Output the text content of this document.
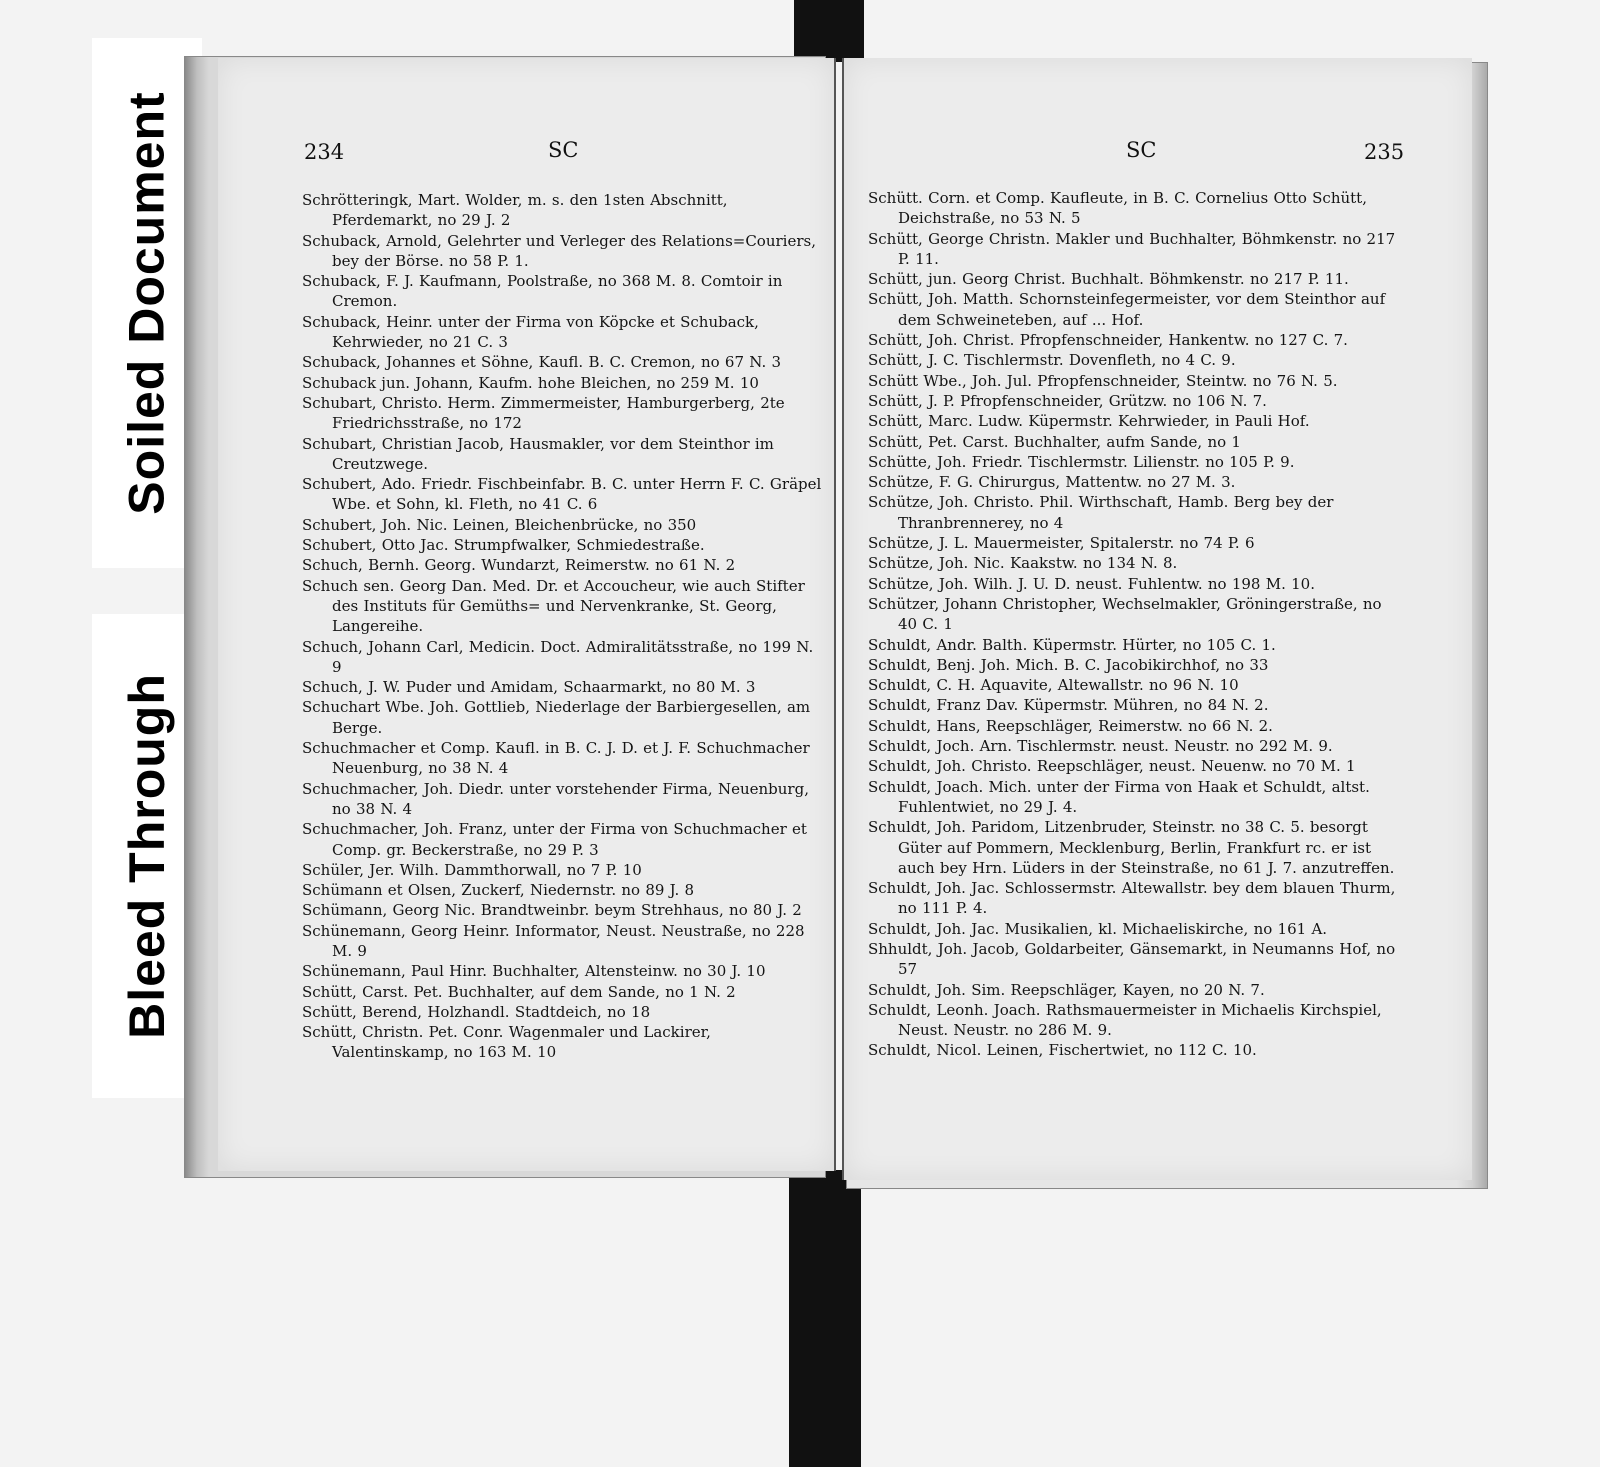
Soiled Document
Bleed Through
234	SC
Schrötteringk, Mart. Wolder, m. s. den 1sten Abschnitt, Pferdemarkt, no 29 J. 2
Schuback, Arnold, Gelehrter und Verleger des Relations=Couriers, bey der Börse. no 58 P. 1.
Schuback, F. J. Kaufmann, Poolstraße, no 368 M. 8. Comtoir in Cremon.
Schuback, Heinr. unter der Firma von Köpcke et Schuback, Kehrwieder, no 21 C. 3
Schuback, Johannes et Söhne, Kaufl. B. C. Cremon, no 67 N. 3
Schuback jun. Johann, Kaufm. hohe Bleichen, no 259 M. 10
Schubart, Christo. Herm. Zimmermeister, Hamburgerberg, 2te Friedrichsstraße, no 172
Schubart, Christian Jacob, Hausmakler, vor dem Steinthor im Creutzwege.
Schubert, Ado. Friedr. Fischbeinfabr. B. C. unter Herrn F. C. Gräpel Wbe. et Sohn, kl. Fleth, no 41 C. 6
Schubert, Joh. Nic. Leinen, Bleichenbrücke, no 350
Schubert, Otto Jac. Strumpfwalker, Schmiedestraße.
Schuch, Bernh. Georg. Wundarzt, Reimerstw. no 61 N. 2
Schuch sen. Georg Dan. Med. Dr. et Accoucheur, wie auch Stifter des Instituts für Gemüths= und Nervenkranke, St. Georg, Langereihe.
Schuch, Johann Carl, Medicin. Doct. Admiralitätsstraße, no 199 N. 9
Schuch, J. W. Puder und Amidam, Schaarmarkt, no 80 M. 3
Schuchart Wbe. Joh. Gottlieb, Niederlage der Barbiergesellen, am Berge.
Schuchmacher et Comp. Kaufl. in B. C. J. D. et J. F. Schuchmacher Neuenburg, no 38 N. 4
Schuchmacher, Joh. Diedr. unter vorstehender Firma, Neuenburg, no 38 N. 4
Schuchmacher, Joh. Franz, unter der Firma von Schuchmacher et Comp. gr. Beckerstraße, no 29 P. 3
Schüler, Jer. Wilh. Dammthorwall, no 7 P. 10
Schümann et Olsen, Zuckerf, Niedernstr. no 89 J. 8
Schümann, Georg Nic. Brandtweinbr. beym Strehhaus, no 80 J. 2
Schünemann, Georg Heinr. Informator, Neust. Neustraße, no 228 M. 9
Schünemann, Paul Hinr. Buchhalter, Altensteinw. no 30 J. 10
Schütt, Carst. Pet. Buchhalter, auf dem Sande, no 1 N. 2
Schütt, Berend, Holzhandl. Stadtdeich, no 18
Schütt, Christn. Pet. Conr. Wagenmaler und Lackirer, Valentinskamp, no 163 M. 10
SC	235
Schütt. Corn. et Comp. Kaufleute, in B. C. Cornelius Otto Schütt, Deichstraße, no 53 N. 5
Schütt, George Christn. Makler und Buchhalter, Böhmkenstr. no 217 P. 11.
Schütt, jun. Georg Christ. Buchhalt. Böhmkenstr. no 217 P. 11.
Schütt, Joh. Matth. Schornsteinfegermeister, vor dem Steinthor auf dem Schweineteben, auf ... Hof.
Schütt, Joh. Christ. Pfropfenschneider, Hankentw. no 127 C. 7.
Schütt, J. C. Tischlermstr. Dovenfleth, no 4 C. 9.
Schütt Wbe., Joh. Jul. Pfropfenschneider, Steintw. no 76 N. 5.
Schütt, J. P. Pfropfenschneider, Grützw. no 106 N. 7.
Schütt, Marc. Ludw. Küpermstr. Kehrwieder, in Pauli Hof.
Schütt, Pet. Carst. Buchhalter, aufm Sande, no 1
Schütte, Joh. Friedr. Tischlermstr. Lilienstr. no 105 P. 9.
Schütze, F. G. Chirurgus, Mattentw. no 27 M. 3.
Schütze, Joh. Christo. Phil. Wirthschaft, Hamb. Berg bey der Thranbrennerey, no 4
Schütze, J. L. Mauermeister, Spitalerstr. no 74 P. 6
Schütze, Joh. Nic. Kaakstw. no 134 N. 8.
Schütze, Joh. Wilh. J. U. D. neust. Fuhlentw. no 198 M. 10.
Schützer, Johann Christopher, Wechselmakler, Gröningerstraße, no 40 C. 1
Schuldt, Andr. Balth. Küpermstr. Hürter, no 105 C. 1.
Schuldt, Benj. Joh. Mich. B. C. Jacobikirchhof, no 33
Schuldt, C. H. Aquavite, Altewallstr. no 96 N. 10
Schuldt, Franz Dav. Küpermstr. Mühren, no 84 N. 2.
Schuldt, Hans, Reepschläger, Reimerstw. no 66 N. 2.
Schuldt, Joch. Arn. Tischlermstr. neust. Neustr. no 292 M. 9.
Schuldt, Joh. Christo. Reepschläger, neust. Neuenw. no 70 M. 1
Schuldt, Joach. Mich. unter der Firma von Haak et Schuldt, altst. Fuhlentwiet, no 29 J. 4.
Schuldt, Joh. Paridom, Litzenbruder, Steinstr. no 38 C. 5. besorgt Güter auf Pommern, Mecklenburg, Berlin, Frankfurt rc. er ist auch bey Hrn. Lüders in der Steinstraße, no 61 J. 7. anzutreffen.
Schuldt, Joh. Jac. Schlossermstr. Altewallstr. bey dem blauen Thurm, no 111 P. 4.
Schuldt, Joh. Jac. Musikalien, kl. Michaeliskirche, no 161 A.
Shhuldt, Joh. Jacob, Goldarbeiter, Gänsemarkt, in Neumanns Hof, no 57
Schuldt, Joh. Sim. Reepschläger, Kayen, no 20 N. 7.
Schuldt, Leonh. Joach. Rathsmauermeister in Michaelis Kirchspiel, Neust. Neustr. no 286 M. 9.
Schuldt, Nicol. Leinen, Fischertwiet, no 112 C. 10.
